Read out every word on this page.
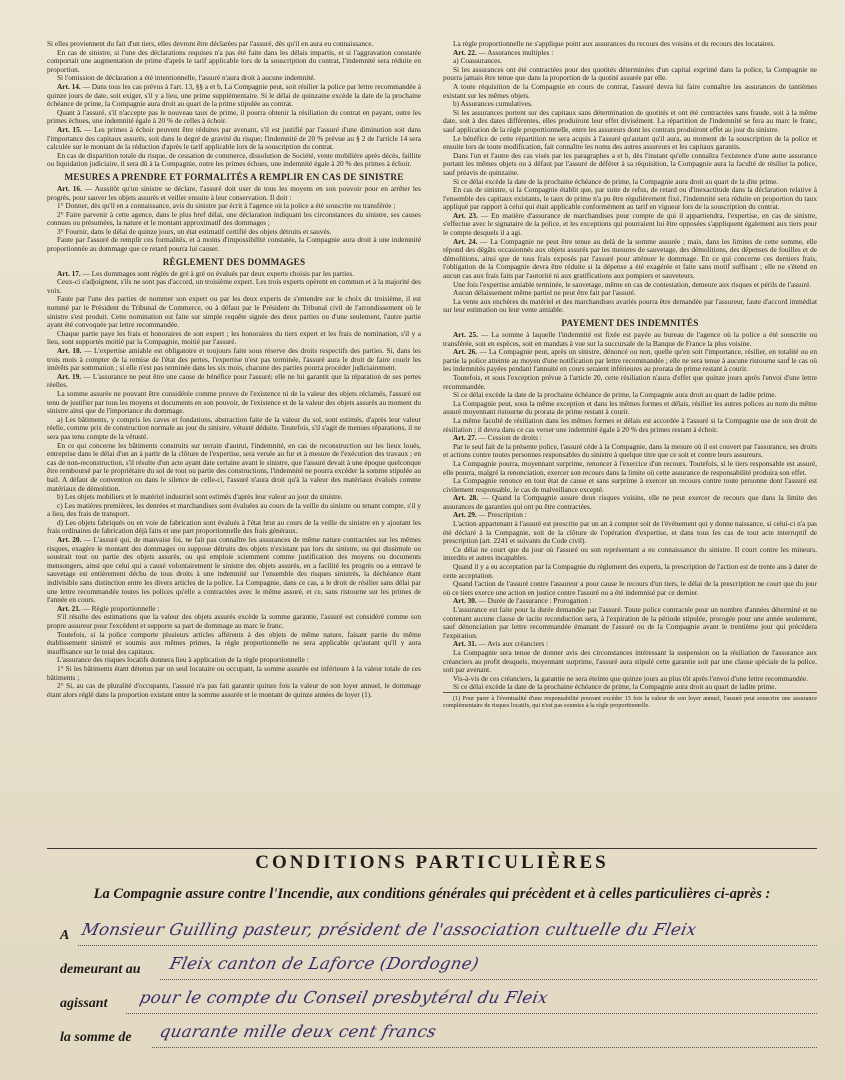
Si elles proviennent du fait d'un tiers, elles devront être déclarées par l'assuré, dès qu'il en aura eu connaissance.

En cas de sinistre, si l'une des déclarations requises n'a pas été faite dans les délais impartis, et si l'aggravation constatée comportait une augmentation de prime d'après le tarif applicable lors de la souscription du contrat, l'indemnité sera réduite en proportion.

Si l'omission de déclaration a été intentionnelle, l'assuré n'aura droit à aucune indemnité.

Art. 14. — Dans tous les cas prévus à l'art. 13, §§ a et b, La Compagnie peut, soit résilier la police par lettre recommandée à quinze jours de date, soit exiger, s'il y a lieu, une prime supplémentaire. Si le délai de quinzaine excède la date de la prochaine échéance de prime, la Compagnie aura droit au quart de la prime stipulée au contrat.

Quant à l'assuré, s'il n'accepte pas le nouveau taux de prime, il pourra obtenir la résiliation du contrat en payant, outre les primes échues, une indemnité égale à 20 % de celles à échoir.

Art. 15. — Les primes à échoir peuvent être réduites par avenant, s'il est justifié par l'assuré d'une diminution soit dans l'importance des capitaux assurés, soit dans le degré de gravité du risque; l'indemnité de 20 % prévue au § 2 de l'article 14 sera calculée sur le montant de la réduction d'après le tarif applicable lors de la souscription du contrat.

En cas de disparition totale du risque, de cessation de commerce, dissolution de Société, vente mobilière après décès, faillite ou liquidation judiciaire, il sera dû à la Compagnie, outre les primes échues, une indemnité égale à 20 % des primes à échoir.

MESURES A PRENDRE ET FORMALITÉS A REMPLIR EN CAS DE SINISTRE

Art. 16. — Aussitôt qu'un sinistre se déclare, l'assuré doit user de tous les moyens en son pouvoir pour en arrêter les progrès, pour sauver les objets assurés et veiller ensuite à leur conservation. Il doit :

1° Donner, dès qu'il en a connaissance, avis du sinistre par écrit à l'agence où la police a été souscrite ou transférée ;

2° Faire parvenir à cette agence, dans le plus bref délai, une déclaration indiquant les circonstances du sinistre, ses causes connues ou présumées, la nature et le montant approximatif des dommages ;

3° Fournir, dans le délai de quinze jours, un état estimatif certifié des objets détruits et sauvés.

Faute par l'assuré de remplir ces formalités, et à moins d'impossibilité constatée, la Compagnie aura droit à une indemnité proportionnée au dommage que ce retard pourra lui causer.

RÈGLEMENT DES DOMMAGES

Art. 17. — Les dommages sont réglés de gré à gré ou évalués par deux experts choisis par les parties.

Ceux-ci s'adjoignent, s'ils ne sont pas d'accord, un troisième expert. Les trois experts opèrent en commun et à la majorité des voix.

Faute par l'une des parties de nommer son expert ou par les deux experts de s'entendre sur le choix du troisième, il est nommé par le Président du Tribunal de Commerce, ou à défaut par le Président du Tribunal civil de l'arrondissement où le sinistre s'est produit. Cette nomination est faite sur simple requête signée des deux parties ou d'une seulement, l'autre partie ayant été convoquée par lettre recommandée.

Chaque partie paye les frais et honoraires de son expert ; les honoraires du tiers expert et les frais de nomination, s'il y a lieu, sont supportés moitié par la Compagnie, moitié par l'assuré.

Art. 18. — L'expertise amiable est obligatoire et toujours faite sous réserve des droits respectifs des parties. Si, dans les trois mois à compter de la remise de l'état des pertes, l'expertise n'est pas terminée, l'assuré aura le droit de faire courir les intérêts par sommation ; si elle n'est pas terminée dans les six mois, chacune des parties pourra procéder judiciairement.

Art. 19. — L'assurance ne peut être une cause de bénéfice pour l'assuré; elle ne lui garantit que la réparation de ses pertes réelles.

La somme assurée ne pouvant être considérée comme preuve de l'existence ni de la valeur des objets réclamés, l'assuré est tenu de justifier par tous les moyens et documents en son pouvoir, de l'existence et de la valeur des objets assurés au moment du sinistre ainsi que de l'importance du dommage.

a) Les bâtiments, y compris les caves et fondations, abstraction faite de la valeur du sol, sont estimés, d'après leur valeur réelle, comme prix de construction normale au jour du sinistre, vétusté déduite. Toutefois, s'il s'agit de menues réparations, il ne sera pas tenu compte de la vétusté.

En ce qui concerne les bâtiments construits sur terrain d'autrui, l'indemnité, en cas de reconstruction sur les lieux loués, entreprise dans le délai d'un an à partir de la clôture de l'expertise, sera versée au fur et à mesure de l'exécution des travaux ; en cas de non-reconstruction, s'il résulte d'un acte ayant date certaine avant le sinistre, que l'assuré devait à une époque quelconque être remboursé par le propriétaire du sol de tout ou partie des constructions, l'indemnité ne pourra excéder la somme stipulée au bail. A défaut de convention ou dans le silence de celle-ci, l'assuré n'aura droit qu'à la valeur des matériaux évalués comme matériaux de démolition.

b) Les objets mobiliers et le matériel industriel sont estimés d'après leur valeur au jour du sinistre.

c) Les matières premières, les denrées et marchandises sont évaluées au cours de la veille du sinistre ou tenant compte, s'il y a lieu, des frais de transport.

d) Les objets fabriqués ou en voie de fabrication sont évalués à l'état brut au cours de la veille du sinistre en y ajoutant les frais ordinaires de fabrication déjà faits et une part proportionnelle des frais généraux.

Art. 20. — L'assuré qui, de mauvaise foi, ne fait pas connaître les assurances de même nature contractées sur les mêmes risques, exagère le montant des dommages ou suppose détruits des objets n'existant pas lors du sinistre, ou qui dissimule ou soustrait tout ou partie des objets assurés, ou qui emploie sciemment comme justification des moyens ou documents mensongers, ainsi que celui qui a causé volontairement le sinistre des objets assurés, en a facilité les progrès ou a entravé le sauvetage est entièrement déchu de tous droits à une indemnité sur l'ensemble des risques sinistrés, la déchéance étant indivisible sans distinction entre les divers articles de la police. La Compagnie, dans ce cas, a le droit de résilier sans délai par une lettre recommandée toutes les polices qu'elle a contractées avec le même assuré, et ce, sans ristourne sur les primes de l'année en cours.

Art. 21. — Règle proportionnelle :

S'il résulte des estimations que la valeur des objets assurés excède la somme garantie, l'assuré est considéré comme son propre assureur pour l'excédent et supporte sa part de dommage au marc le franc.

Toutefois, si la police comporte plusieurs articles afférents à des objets de même nature, faisant partie du même établissement sinistré et soumis aux mêmes primes, la règle proportionnelle ne sera applicable qu'autant qu'il y aura insuffisance sur le total des capitaux.

L'assurance des risques locatifs donnera lieu à application de la règle proportionnelle :

1° Si les bâtiments étant détenus par un seul locataire ou occupant, la somme assurée est inférieure à la valeur totale de ces bâtiments ;

2° Si, au cas de pluralité d'occupants, l'assuré n'a pas fait garantir quinze fois la valeur de son loyer annuel, le dommage étant alors réglé dans la proportion existant entre la somme assurée et le montant de quinze années de loyer (1).

La règle proportionnelle ne s'applique point aux assurances du recours des voisins et du recours des locataires.

Art. 22. — Assurances multiples :

a) Coassurances.

Si les assurances ont été contractées pour des quotités déterminées d'un capital exprimé dans la police, la Compagnie ne pourra jamais être tenue que dans la proportion de la quotité assurée par elle.

A toute réquisition de la Compagnie en cours de contrat, l'assuré devra lui faire connaître les assurances de tantièmes existant sur les mêmes objets.

b) Assurances cumulatives.

Si les assurances portent sur des capitaux sans détermination de quotités et ont été contractées sans fraude, soit à la même date, soit à des dates différentes, elles produiront leur effet divisément. La répartition de l'indemnité se fera au marc le franc, sauf application de la règle proportionnelle, entre les assureurs dont les contrats produiront effet au jour du sinistre.

Le bénéfice de cette répartition ne sera acquis à l'assuré qu'autant qu'il aura, au moment de la souscription de la police et ensuite lors de toute modification, fait connaître les noms des autres assureurs et les capitaux garantis.

Dans l'un et l'autre des cas visés par les paragraphes a et b, dès l'instant qu'elle connaîtra l'existence d'une autre assurance portant les mêmes objets ou à défaut par l'assuré de déférer à sa réquisition, la Compagnie aura la faculté de résilier la police, sauf préavis de quinzaine.

Si ce délai excède la date de la prochaine échéance de prime, la Compagnie aura droit au quart de la dite prime.

En cas de sinistre, si la Compagnie établit que, par suite de refus, de retard ou d'inexactitude dans la déclaration relative à l'ensemble des capitaux existants, le taux de prime n'a pu être régulièrement fixé, l'indemnité sera réduite en proportion du taux appliqué par rapport à celui qui était applicable conformément au tarif en vigueur lors de la souscription du contrat.

Art. 23. — En matière d'assurance de marchandises pour compte de qui il appartiendra, l'expertise, en cas de sinistre, s'effectue avec le signataire de la police, et les exceptions qui pourraient lui être opposées s'appliquent également aux tiers pour le compte desquels il a agi.

Art. 24. — La Compagnie ne peut être tenue au delà de la somme assurée ; mais, dans les limites de cette somme, elle répond des dégâts occasionnés aux objets assurés par les mesures de sauvetage, des démolitions, des dépenses de fouilles et de démolitions, ainsi que de tous frais exposés par l'assuré pour atténuer le dommage. En ce qui concerne ces derniers frais, l'obligation de la Compagnie devra être réduite si la dépense a été exagérée et faite sans motif suffisant ; elle ne s'étend en aucun cas aux frais faits par l'autorité ni aux gratifications aux pompiers et sauveteurs.

Une fois l'expertise amiable terminée, le sauvetage, même en cas de contestation, demeure aux risques et périls de l'assuré.

Aucun délaissement même partiel ne peut être fait par l'assuré.

La vente aux enchères du matériel et des marchandises avariés pourra être demandée par l'assureur, faute d'accord immédiat sur leur estimation ou leur vente amiable.

PAYEMENT DES INDEMNITÉS

Art. 25. — La somme à laquelle l'indemnité est fixée est payée au bureau de l'agence où la police a été souscrite ou transférée, soit en espèces, soit en mandats à vue sur la succursale de la Banque de France la plus voisine.

Art. 26. — La Compagnie peut, après un sinistre, dénoncé ou non, quelle qu'en soit l'importance, résilier, en totalité ou en partie la police atteinte au moyen d'une notification par lettre recommandée ; elle ne sera tenue à aucune ristourne sauf le cas où les indemnités payées pendant l'annuité en cours seraient inférieures au prorata de prime restant à courir.

Toutefois, et sous l'exception prévue à l'article 20, cette résiliation n'aura d'effet que quinze jours après l'envoi d'une lettre recommandée.

Si ce délai excède la date de la prochaine échéance de prime, la Compagnie aura droit au quart de ladite prime.

La Compagnie peut, sous la même exception et dans les mêmes formes et délais, résilier les autres polices au nom du même assuré moyennant ristourne du prorata de prime restant à courir.

La même faculté de résiliation dans les mêmes formes et délais est accordée à l'assuré si la Compagnie use de son droit de résiliation ; il devra dans ce cas verser une indemnité égale à 20 % des primes restant à échoir.

Art. 27. — Cession de droits :

Par le seul fait de la présente police, l'assuré cède à la Compagnie, dans la mesure où il est couvert par l'assurance, ses droits et actions contre toutes personnes responsables du sinistre à quelque titre que ce soit et contre leurs assureurs.

La Compagnie pourra, moyennant surprime, renoncer à l'exercice d'un recours. Toutefois, si le tiers responsable est assuré, elle pourra, malgré la renonciation, exercer son recours dans la limite où cette assurance de responsabilité produira son effet.

La Compagnie renonce en tout état de cause et sans surprime à exercer un recours contre toute personne dont l'assuré est civilement responsable, le cas de malveillance excepté.

Art. 28. — Quand la Compagnie assure deux risques voisins, elle ne peut exercer de recours que dans la limite des assurances de garanties qui ont pu être contractées.

Art. 29. — Prescription :

L'action appartenant à l'assuré est prescrite par un an à compter soit de l'événement qui y donne naissance, si celui-ci n'a pas été déclaré à la Compagnie, soit de la clôture de l'opération d'expertise, et dans tous les cas de tout acte interruptif de prescription (art. 2241 et suivants du Code civil).

Ce délai ne court que du jour où l'assuré ou son représentant a eu connaissance du sinistre. Il court contre les mineurs, interdits et autres incapables.

Quand il y a eu acceptation par la Compagnie du règlement des experts, la prescription de l'action est de trente ans à dater de cette acceptation.

Quand l'action de l'assuré contre l'assureur a pour cause le recours d'un tiers, le délai de la prescription ne court que du jour où ce tiers exerce une action en justice contre l'assuré ou a été indemnisé par ce dernier.

Art. 30. — Durée de l'assurance : Prorogation :

L'assurance est faite pour la durée demandée par l'assuré. Toute police contractée pour un nombre d'années déterminé et ne contenant aucune clause de tacite reconduction sera, à l'expiration de la période stipulée, prorogée pour une année seulement, sauf dénonciation par lettre recommandée émanant de l'assuré ou de la Compagnie avant le trentième jour qui précédera l'expiration.

Art. 31. — Avis aux créanciers :

La Compagnie sera tenue de donner avis des circonstances intéressant la suspension ou la résiliation de l'assurance aux créanciers au profit desquels, moyennant surprime, l'assuré aura stipulé cette garantie soit par une clause spéciale de la police, soit par avenant.

Vis-à-vis de ces créanciers, la garantie ne sera éteinte que quinze jours au plus tôt après l'envoi d'une lettre recommandée.

Si ce délai excède la date de la prochaine échéance de prime, la Compagnie aura droit au quart de ladite prime.

(1) Pour parer à l'éventualité d'une responsabilité pouvant excéder 15 fois la valeur de son loyer annuel, l'assuré peut souscrire une assurance complémentaire de risques locatifs, qui n'est pas soumise à la règle proportionnelle.

CONDITIONS PARTICULIÈRES
La Compagnie assure contre l'Incendie, aux conditions générales qui précèdent et à celles particulières ci-après :
A Monsieur Guilling pasteur, président de l'association cultuelle du Fleix
demeurant au Fleix canton de Laforce (Dordogne)
agissant pour le compte du Conseil presbytéral du Fleix
la somme de quarante mille deux cent francs
